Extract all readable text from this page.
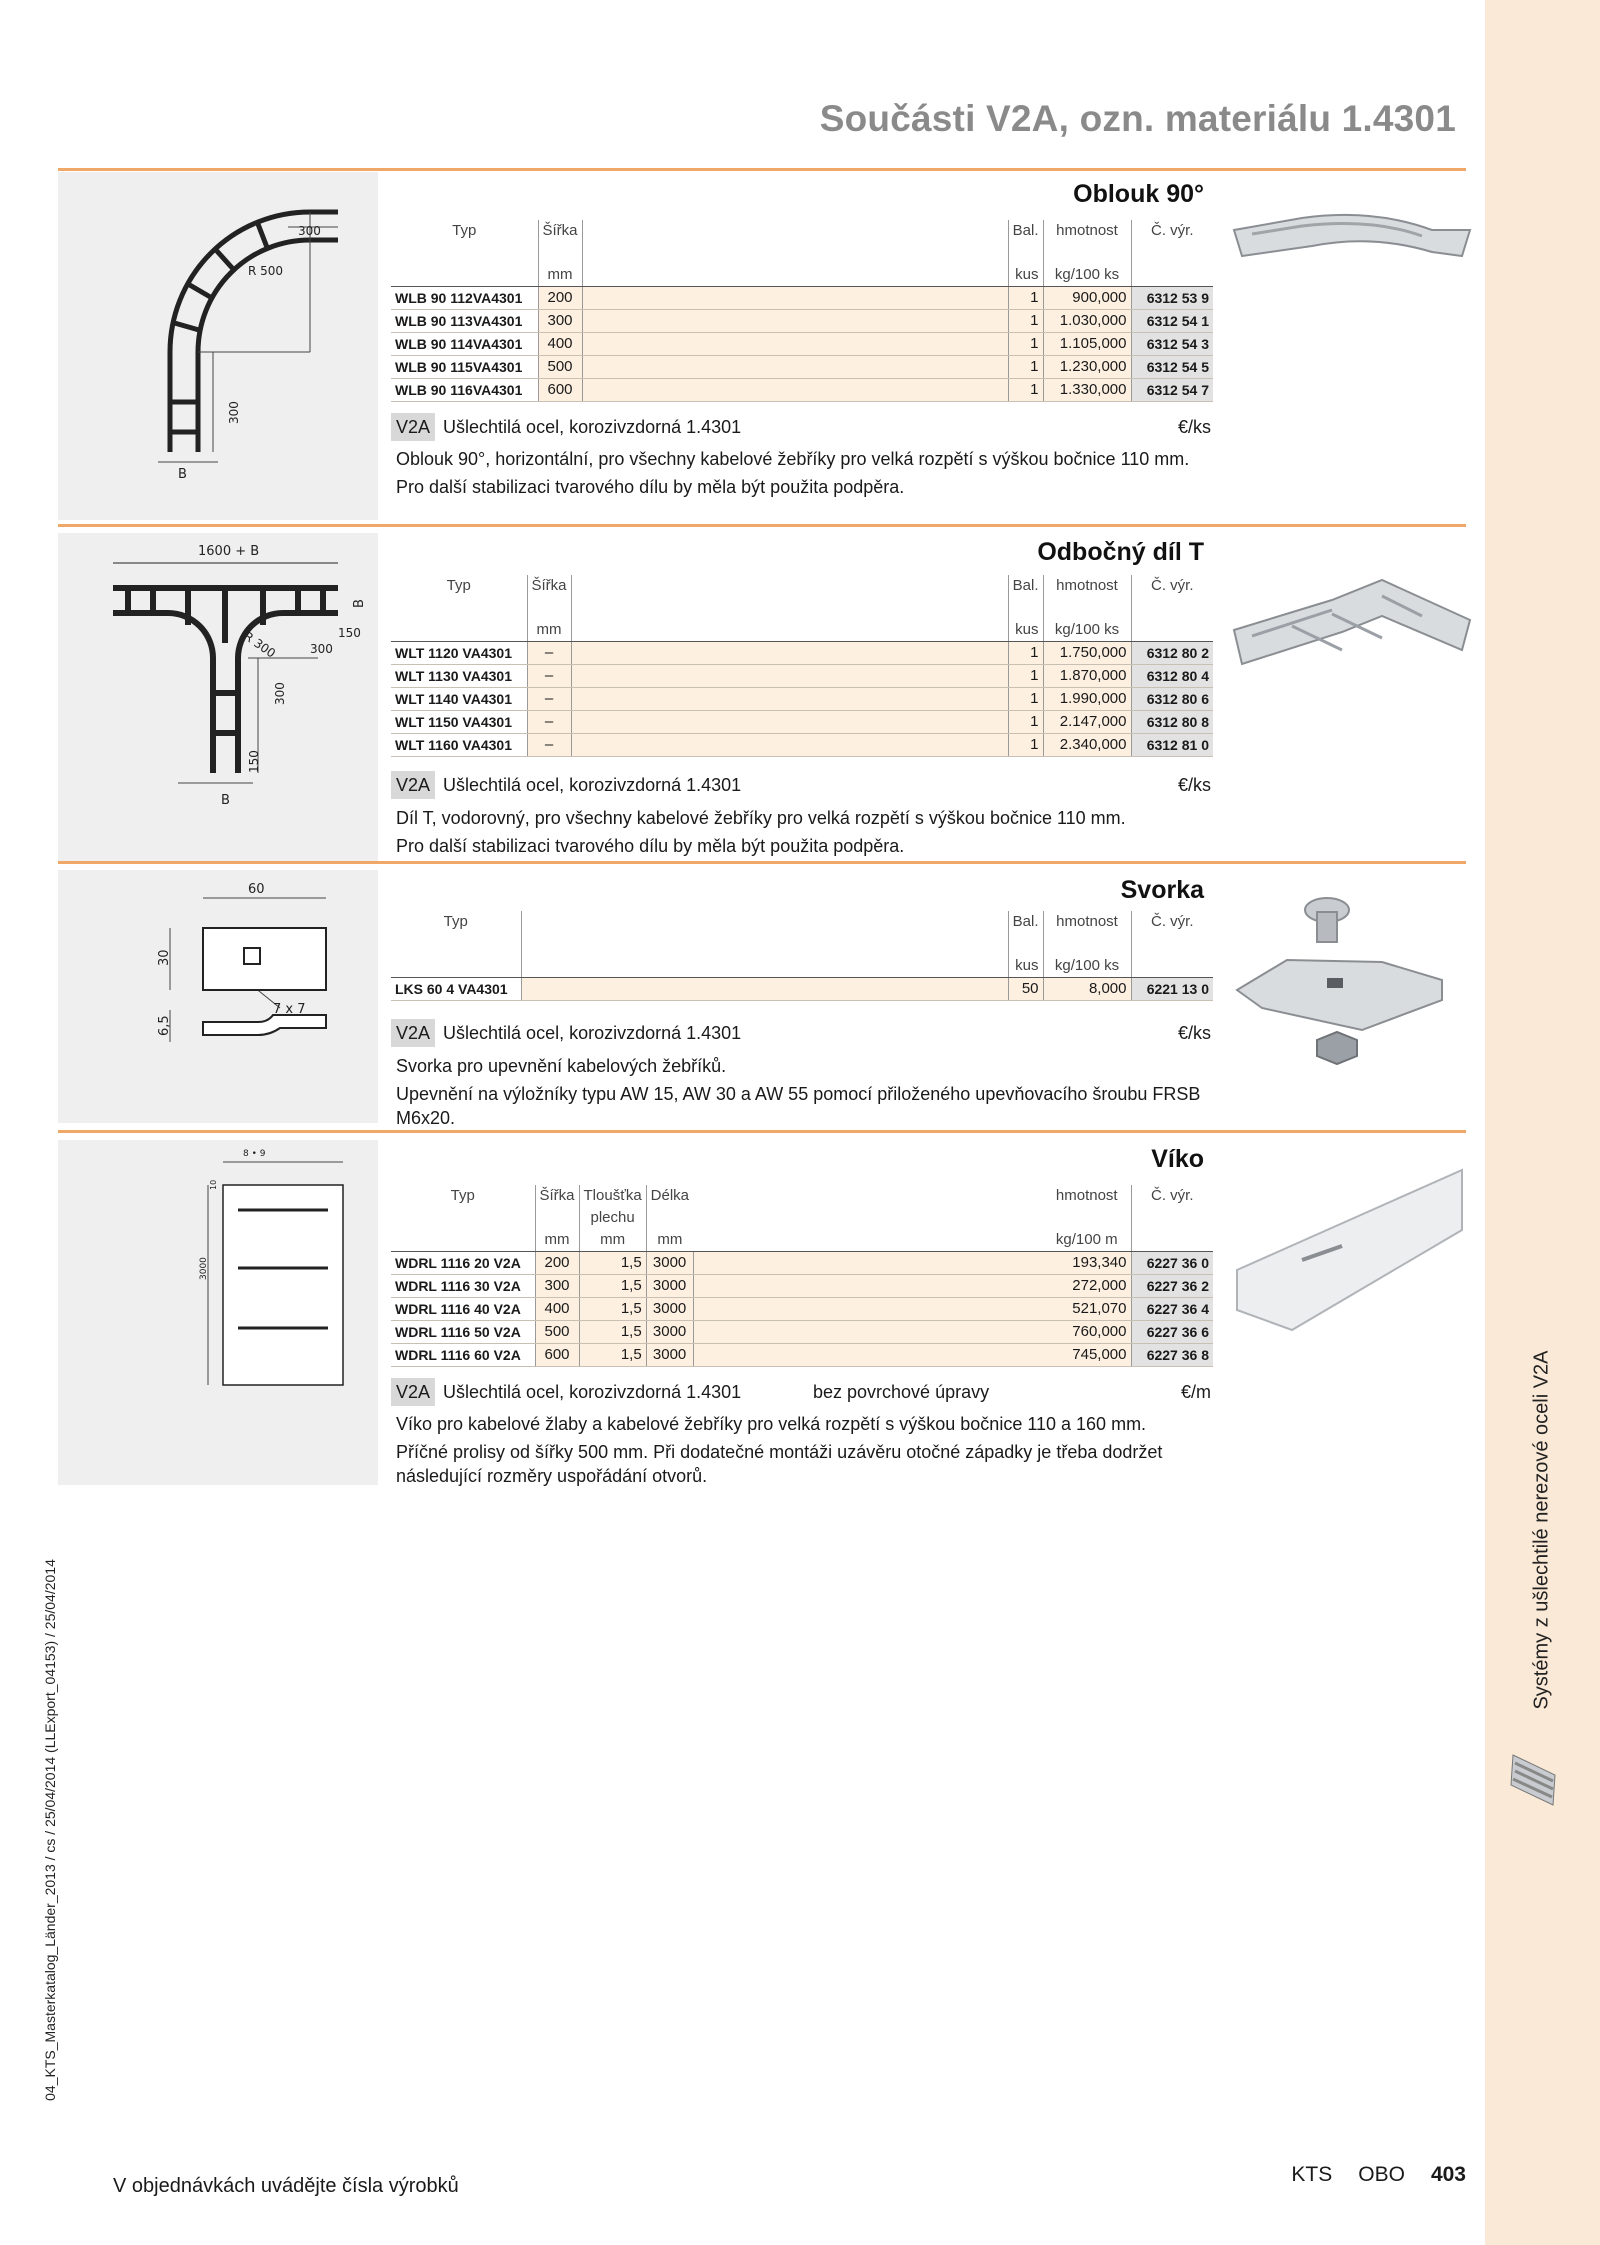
Systémy z ušlechtilé nerezové oceli V2A
04_KTS_Masterkatalog_Länder_2013 / cs / 25/04/2014 (LLExport_04153) / 25/04/2014
Součásti V2A, ozn. materiálu 1.4301
300
R 500
300
B
Oblouk 90°
Typ	Šířka		Bal.	hmotnost	Č. výr.

	mm		kus	kg/100 ks	
WLB 90 112VA4301	200		1	900,000	6312 53 9
WLB 90 113VA4301	300		1	1.030,000	6312 54 1
WLB 90 114VA4301	400		1	1.105,000	6312 54 3
WLB 90 115VA4301	500		1	1.230,000	6312 54 5
WLB 90 116VA4301	600		1	1.330,000	6312 54 7
V2A Ušlechtilá ocel, korozivzdorná 1.4301	€/ks

Oblouk 90°, horizontální, pro všechny kabelové žebříky pro velká rozpětí s výškou bočnice 110 mm.

Pro další stabilizaci tvarového dílu by měla být použita podpěra.

1600 + B
R 300	300
300
150
150
B
B
Odbočný díl T
Typ	Šířka		Bal.	hmotnost	Č. výr.

	mm		kus	kg/100 ks	
WLT 1120 VA4301	–		1	1.750,000	6312 80 2
WLT 1130 VA4301	–		1	1.870,000	6312 80 4
WLT 1140 VA4301	–		1	1.990,000	6312 80 6
WLT 1150 VA4301	–		1	2.147,000	6312 80 8
WLT 1160 VA4301	–		1	2.340,000	6312 81 0
V2A Ušlechtilá ocel, korozivzdorná 1.4301	€/ks

Díl T, vodorovný, pro všechny kabelové žebříky pro velká rozpětí s výškou bočnice 110 mm.

Pro další stabilizaci tvarového dílu by měla být použita podpěra.

60
30
6,5
7 x 7
Svorka
Typ		Bal.	hmotnost	Č. výr.

		kus	kg/100 ks	
LKS 60 4 VA4301		50	8,000	6221 13 0
V2A Ušlechtilá ocel, korozivzdorná 1.4301	€/ks

Svorka pro upevnění kabelových žebříků.

Upevnění na výložníky typu AW 15, AW 30 a AW 55 pomocí přiloženého upevňovacího šroubu FRSB M6x20.

8 • 9
3000
10
Víko
Typ	Šířka	Tloušťka plechu	Délka		hmotnost	Č. výr.

	mm	mm	mm		kg/100 m	
WDRL 1116 20 V2A	200	1,5	3000		193,340	6227 36 0
WDRL 1116 30 V2A	300	1,5	3000		272,000	6227 36 2
WDRL 1116 40 V2A	400	1,5	3000		521,070	6227 36 4
WDRL 1116 50 V2A	500	1,5	3000		760,000	6227 36 6
WDRL 1116 60 V2A	600	1,5	3000		745,000	6227 36 8
V2A Ušlechtilá ocel, korozivzdorná 1.4301	bez povrchové úpravy	€/m

Víko pro kabelové žlaby a kabelové žebříky pro velká rozpětí s výškou bočnice 110 a 160 mm.

Příčné prolisy od šířky 500 mm. Při dodatečné montáži uzávěru otočné západky je třeba dodržet následující rozměry uspořádání otvorů.

V objednávkách uvádějte čísla výrobků	KTS OBO 403
